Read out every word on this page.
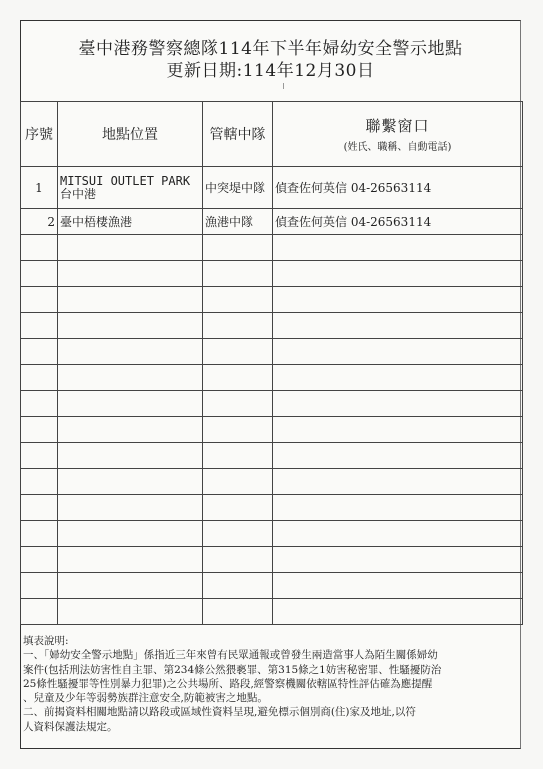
臺中港務警察總隊114年下半年婦幼安全警示地點
更新日期:114年12月30日
序號	地點位置	管轄中隊	聯繫窗口
(姓氏、職稱、自動電話)

1	MITSUI OUTLET PARK 台中港	中突堤中隊	偵查佐何英信 04-26563114
2	臺中梧棲漁港	漁港中隊	偵查佐何英信 04-26563114

填表說明:
一、「婦幼安全警示地點」係指近三年來曾有民眾通報或曾發生兩造當事人為陌生關係婦幼
案件(包括刑法妨害性自主罪、第234條公然猥褻罪、第315條之1妨害秘密罪、性騷擾防治
25條性騷擾罪等性別暴力犯罪)之公共場所、路段,經警察機關依轄區特性評估確為應提醒
、兒童及少年等弱勢族群注意安全,防範被害之地點。
二、前揭資料相關地點請以路段或區域性資料呈現,避免標示個別商(住)家及地址,以符
人資料保護法規定。
